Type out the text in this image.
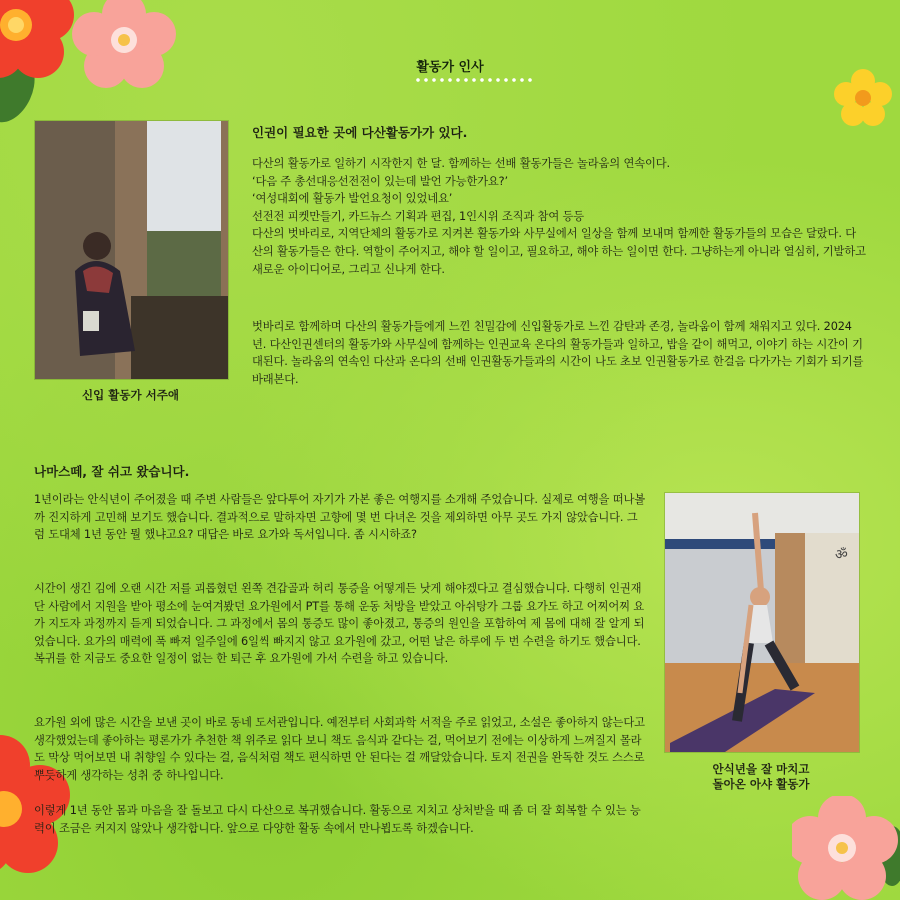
활동가 인사
신입 활동가 서주애
인권이 필요한 곳에 다산활동가가 있다.

다산의 활동가로 일하기 시작한지 한 달. 함께하는 선배 활동가들은 놀라움의 연속이다.
‘다음 주 총선대응선전전이 있는데 발언 가능한가요?’
‘여성대회에 활동가 발언요청이 있었네요’
선전전 피켓만들기, 카드뉴스 기획과 편집, 1인시위 조직과 참여 등등
다산의 벗바리로, 지역단체의 활동가로 지켜본 활동가와 사무실에서 일상을 함께 보내며 함께한 활동가들의 모습은 달랐다. 다산의 활동가들은 한다. 역할이 주어지고, 해야 할 일이고, 필요하고, 해야 하는 일이면 한다. 그냥하는게 아니라 열심히, 기발하고 새로운 아이디어로, 그리고 신나게 한다.

벗바리로 함께하며 다산의 활동가들에게 느낀 친밀감에 신입활동가로 느낀 감탄과 존경, 놀라움이 함께 채워지고 있다. 2024년. 다산인권센터의 활동가와 사무실에 함께하는 인권교육 온다의 활동가들과 일하고, 밥을 같이 해먹고, 이야기 하는 시간이 기대된다. 놀라움의 연속인 다산과 온다의 선배 인권활동가들과의 시간이 나도 초보 인권활동가로 한걸음 다가가는 기회가 되기를 바래본다.

나마스떼, 잘 쉬고 왔습니다.

1년이라는 안식년이 주어졌을 때 주변 사람들은 앞다투어 자기가 가본 좋은 여행지를 소개해 주었습니다. 실제로 여행을 떠나볼까 진지하게 고민해 보기도 했습니다. 결과적으로 말하자면 고향에 몇 번 다녀온 것을 제외하면 아무 곳도 가지 않았습니다. 그럼 도대체 1년 동안 뭘 했냐고요? 대답은 바로 요가와 독서입니다. 좀 시시하죠?

시간이 생긴 김에 오랜 시간 저를 괴롭혔던 왼쪽 견갑골과 허리 통증을 어떻게든 낫게 해야겠다고 결심했습니다. 다행히 인권재단 사람에서 지원을 받아 평소에 눈여겨봤던 요가원에서 PT를 통해 운동 처방을 받았고 아쉬탕가 그룹 요가도 하고 어찌어찌 요가 지도자 과정까지 듣게 되었습니다. 그 과정에서 몸의 통증도 많이 좋아졌고, 통증의 원인을 포함하여 제 몸에 대해 잘 알게 되었습니다. 요가의 매력에 푹 빠져 일주일에 6일씩 빠지지 않고 요가원에 갔고, 어떤 날은 하루에 두 번 수련을 하기도 했습니다. 복귀를 한 지금도 중요한 일정이 없는 한 퇴근 후 요가원에 가서 수련을 하고 있습니다.

요가원 외에 많은 시간을 보낸 곳이 바로 동네 도서관입니다. 예전부터 사회과학 서적을 주로 읽었고, 소설은 좋아하지 않는다고 생각했었는데 좋아하는 평론가가 추천한 책 위주로 읽다 보니 책도 음식과 같다는 걸, 먹어보기 전에는 이상하게 느껴질지 몰라도 막상 먹어보면 내 취향일 수 있다는 걸, 음식처럼 책도 편식하면 안 된다는 걸 깨달았습니다. 토지 전권을 완독한 것도 스스로 뿌듯하게 생각하는 성취 중 하나입니다.

이렇게 1년 동안 몸과 마음을 잘 돌보고 다시 다산으로 복귀했습니다. 활동으로 지치고 상처받을 때 좀 더 잘 회복할 수 있는 능력이 조금은 커지지 않았나 생각합니다. 앞으로 다양한 활동 속에서 만나뵙도록 하겠습니다.

ॐ
안식년을 잘 마치고
돌아온 아샤 활동가
